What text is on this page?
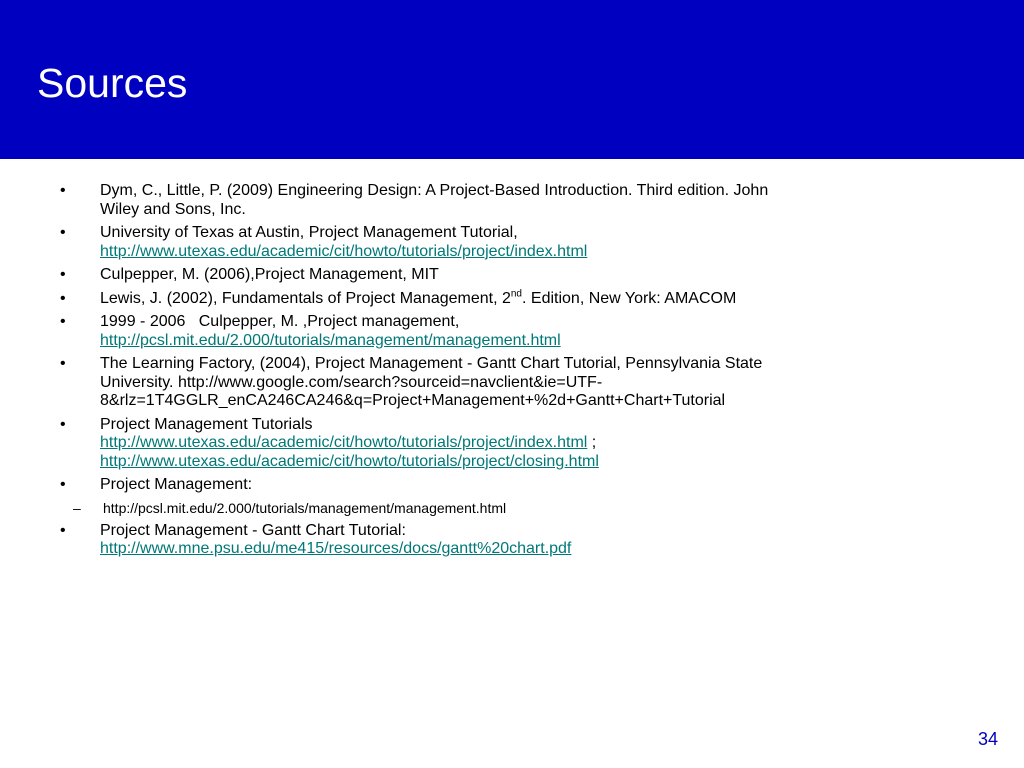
Sources
• Dym, C., Little, P. (2009) Engineering Design: A Project-Based Introduction. Third edition. John
Wiley and Sons, Inc.
• University of Texas at Austin, Project Management Tutorial,
http://www.utexas.edu/academic/cit/howto/tutorials/project/index.html
• Culpepper, M. (2006),Project Management, MIT
• Lewis, J. (2002), Fundamentals of Project Management, 2nd. Edition, New York: AMACOM
• 1999 - 2006   Culpepper, M. ,Project management,
http://pcsl.mit.edu/2.000/tutorials/management/management.html
• The Learning Factory, (2004), Project Management - Gantt Chart Tutorial, Pennsylvania State
University. http://www.google.com/search?sourceid=navclient&ie=UTF-
8&rlz=1T4GGLR_enCA246CA246&q=Project+Management+%2d+Gantt+Chart+Tutorial
• Project Management Tutorials
http://www.utexas.edu/academic/cit/howto/tutorials/project/index.html ;
http://www.utexas.edu/academic/cit/howto/tutorials/project/closing.html
• Project Management:
– http://pcsl.mit.edu/2.000/tutorials/management/management.html
• Project Management - Gantt Chart Tutorial:
http://www.mne.psu.edu/me415/resources/docs/gantt%20chart.pdf
34
